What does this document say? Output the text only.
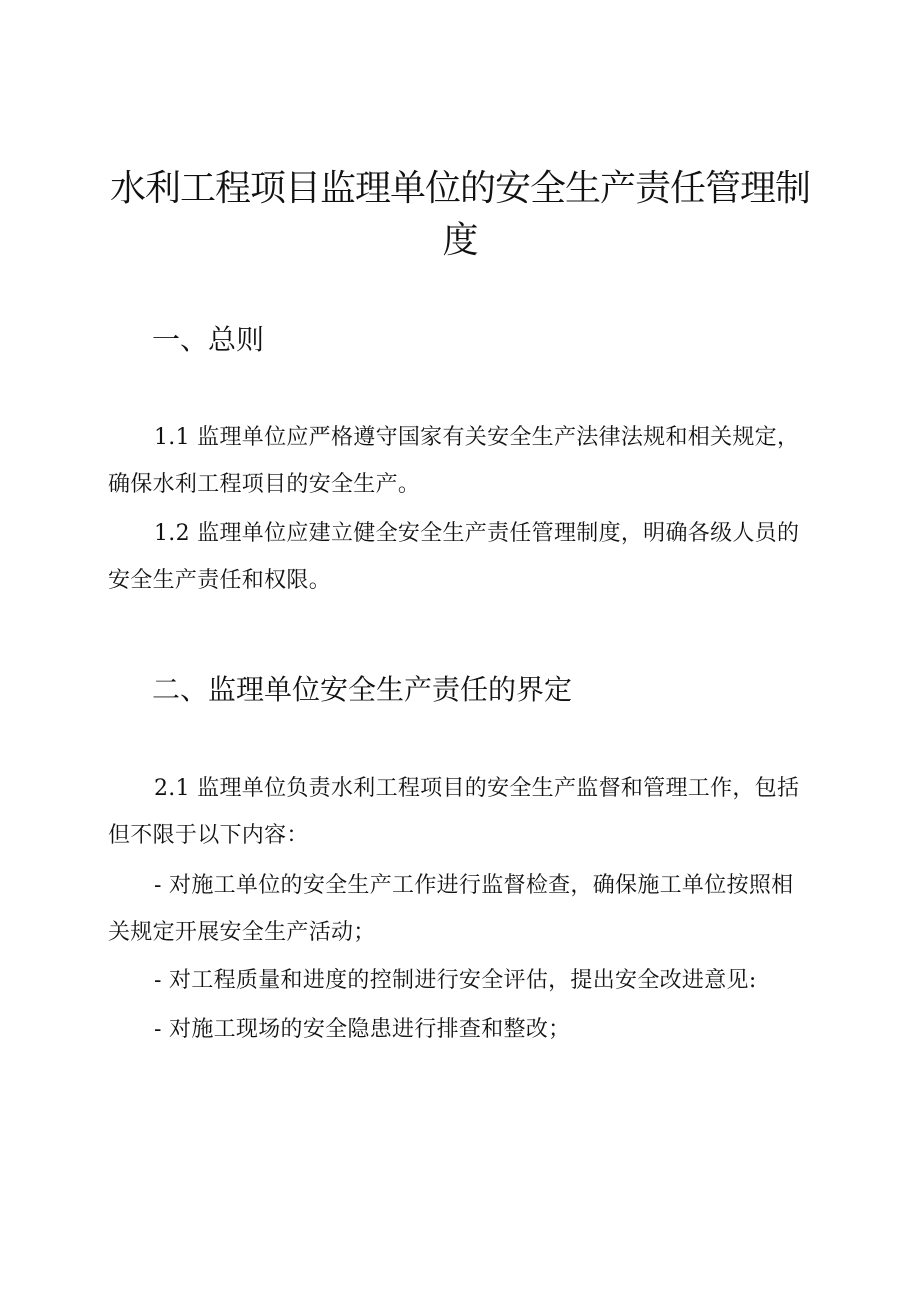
水利工程项目监理单位的安全生产责任管理制度
一、总则

1.1 监理单位应严格遵守国家有关安全生产法律法规和相关规定，确保水利工程项目的安全生产。

1.2 监理单位应建立健全安全生产责任管理制度，明确各级人员的安全生产责任和权限。

二、监理单位安全生产责任的界定

2.1 监理单位负责水利工程项目的安全生产监督和管理工作，包括但不限于以下内容：

- 对施工单位的安全生产工作进行监督检查，确保施工单位按照相关规定开展安全生产活动；

- 对工程质量和进度的控制进行安全评估，提出安全改进意见:

- 对施工现场的安全隐患进行排查和整改；
